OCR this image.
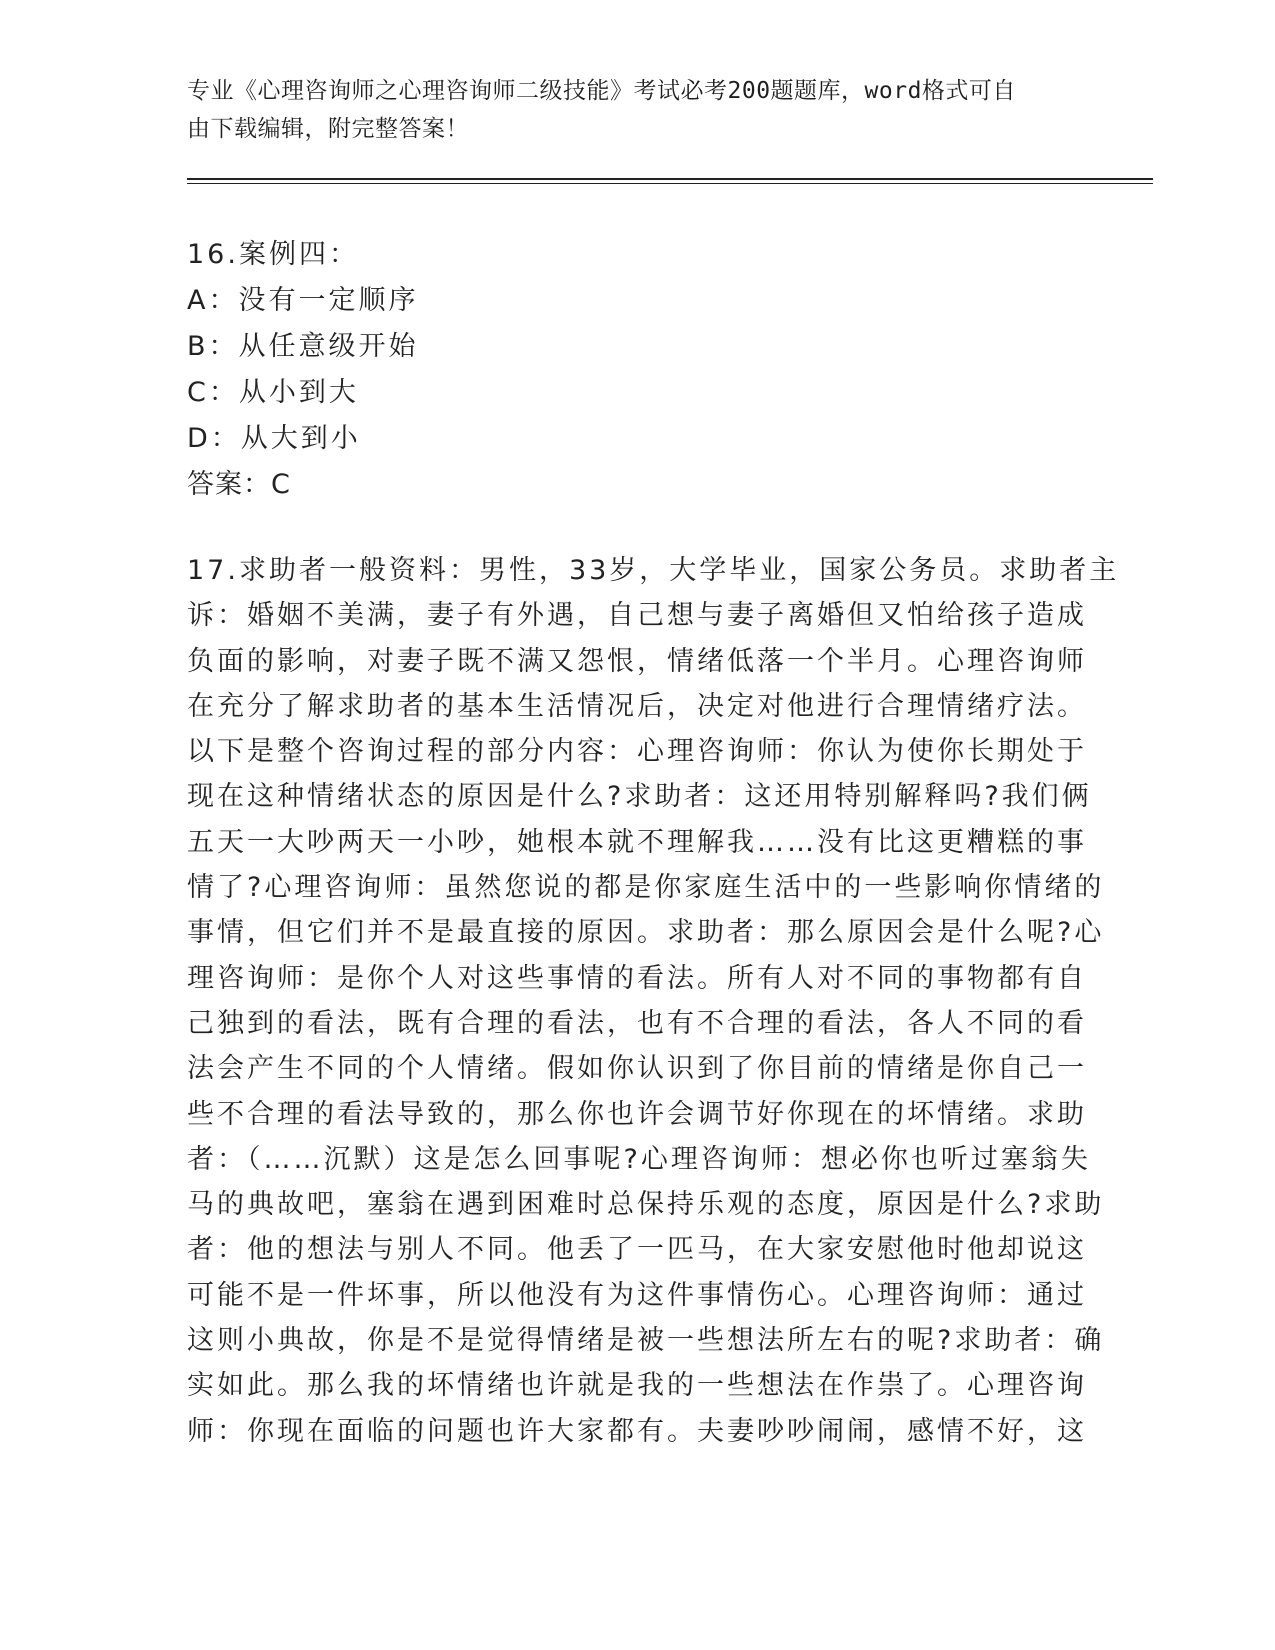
专业《心理咨询师之心理咨询师二级技能》考试必考200题题库，word格式可自
由下载编辑，附完整答案！
16.案例四：
A：没有一定顺序
B：从任意级开始
C：从小到大
D：从大到小
答案：C
17.求助者一般资料：男性，33岁，大学毕业，国家公务员。求助者主
诉：婚姻不美满，妻子有外遇，自己想与妻子离婚但又怕给孩子造成
负面的影响，对妻子既不满又怨恨，情绪低落一个半月。心理咨询师
在充分了解求助者的基本生活情况后，决定对他进行合理情绪疗法。
以下是整个咨询过程的部分内容：心理咨询师：你认为使你长期处于
现在这种情绪状态的原因是什么?求助者：这还用特别解释吗?我们俩
五天一大吵两天一小吵，她根本就不理解我……没有比这更糟糕的事
情了?心理咨询师：虽然您说的都是你家庭生活中的一些影响你情绪的
事情，但它们并不是最直接的原因。求助者：那么原因会是什么呢?心
理咨询师：是你个人对这些事情的看法。所有人对不同的事物都有自
己独到的看法，既有合理的看法，也有不合理的看法，各人不同的看
法会产生不同的个人情绪。假如你认识到了你目前的情绪是你自己一
些不合理的看法导致的，那么你也许会调节好你现在的坏情绪。求助
者：（……沉默）这是怎么回事呢?心理咨询师：想必你也听过塞翁失
马的典故吧，塞翁在遇到困难时总保持乐观的态度，原因是什么?求助
者：他的想法与别人不同。他丢了一匹马，在大家安慰他时他却说这
可能不是一件坏事，所以他没有为这件事情伤心。心理咨询师：通过
这则小典故，你是不是觉得情绪是被一些想法所左右的呢?求助者：确
实如此。那么我的坏情绪也许就是我的一些想法在作祟了。心理咨询
师：你现在面临的问题也许大家都有。夫妻吵吵闹闹，感情不好，这
